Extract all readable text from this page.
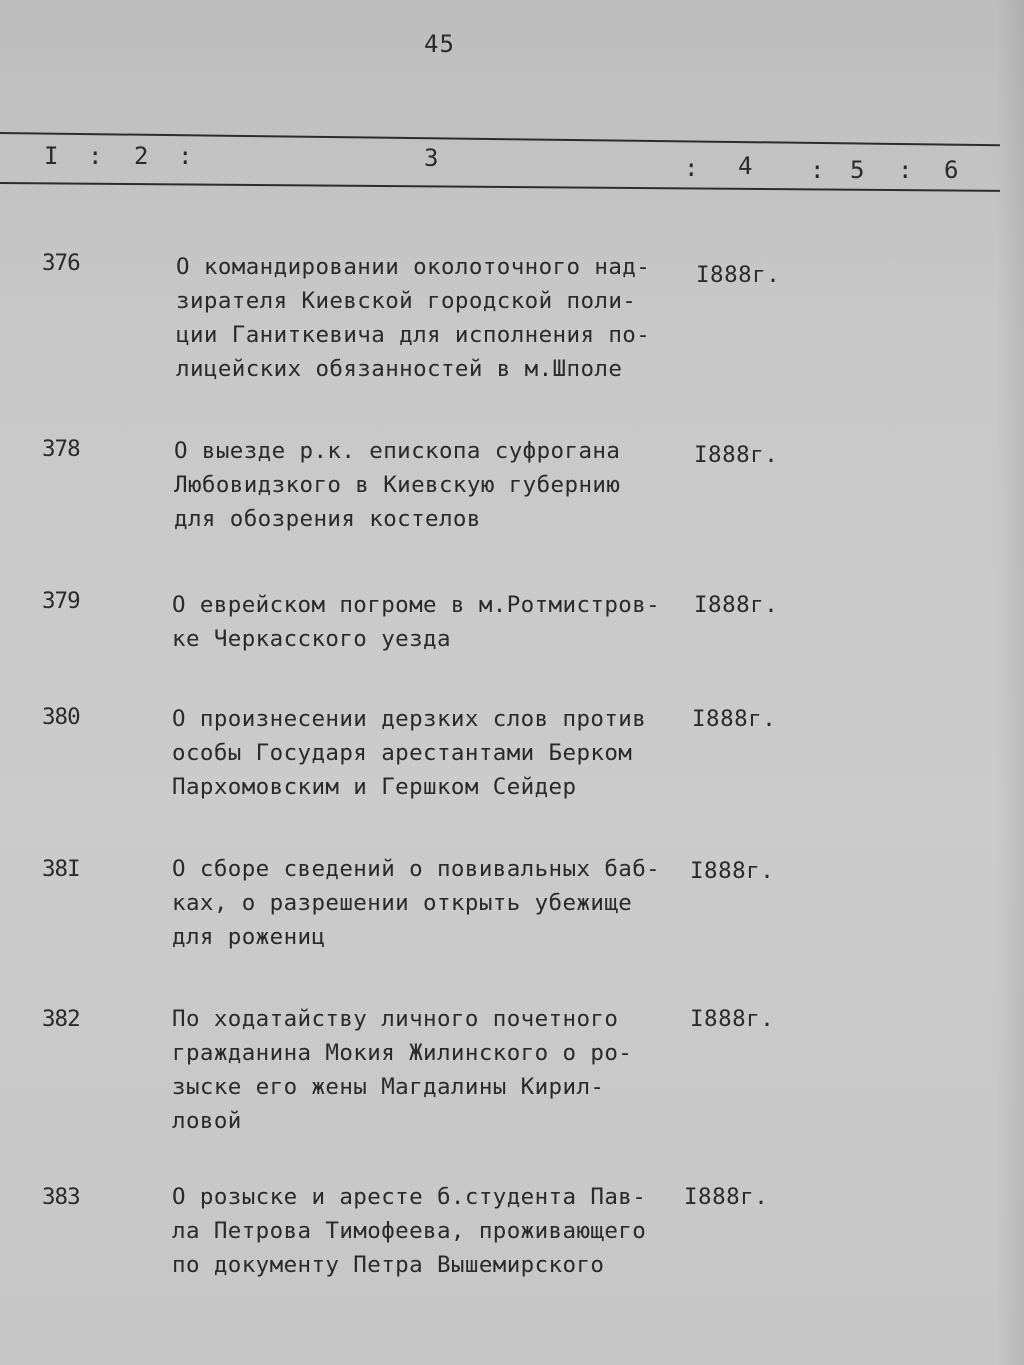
45
I : 2 :	3	: 4 : 5 : 6
376	О командировании околоточного над-
зирателя Киевской городской поли-
ции Ганиткевича для исполнения по-
лицейских обязанностей в м.Шполе
I888г.
378	О выезде р.к. епископа суфрогана
Любовидзкого в Киевскую губернию
для обозрения костелов
I888г.
379	О еврейском погроме в м.Ротмистров-
ке Черкасского уезда
I888г.
380	О произнесении дерзких слов против
особы Государя арестантами Берком
Пархомовским и Гершком Сейдер
I888г.
38I	О сборе сведений о повивальных баб-
ках, о разрешении открыть убежище
для рожениц
I888г.
382	По ходатайству личного почетного
гражданина Мокия Жилинского о ро-
зыске его жены Магдалины Кирил-
ловой
I888г.
383	О розыске и аресте б.студента Пав-
ла Петрова Тимофеева, проживающего
по документу Петра Вышемирского
I888г.
